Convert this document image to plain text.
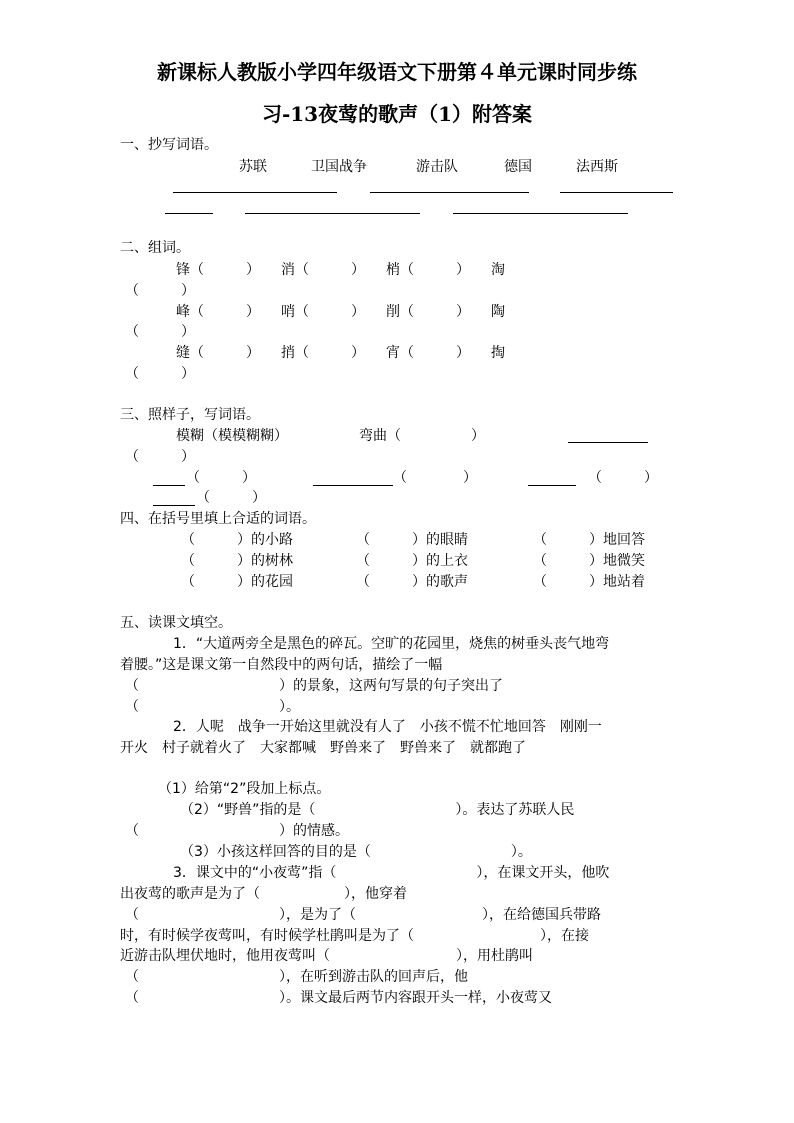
新课标人教版小学四年级语文下册第４单元课时同步练
习-13夜莺的歌声（1）附答案
一、抄写词语。
苏联	卫国战争	游击队	德国	法西斯
二、组词。
锋（　　　）　　消（　　　）　　梢（　　　）　　淘
（　　　）
峰（　　　）　　哨（　　　）　　削（　　　）　　陶
（　　　）
缝（　　　）　　捎（　　　）　　宵（　　　）　　掏
（　　　）
三、照样子，写词语。
模糊（模模糊糊）	弯曲（　　　　　）
（　　　）
（　　　）	（　　　　）	（　　　）
（　　　）
四、在括号里填上合适的词语。
（　　　）的小路	（　　　）的眼睛	（　　　）地回答
（　　　）的树林	（　　　）的上衣	（　　　）地微笑
（　　　）的花园	（　　　）的歌声	（　　　）地站着
五、读课文填空。
1．“大道两旁全是黑色的碎瓦。空旷的花园里，烧焦的树垂头丧气地弯
着腰。”这是课文第一自然段中的两句话，描绘了一幅
（　　　　　　　　　　）的景象，这两句写景的句子突出了
（　　　　　　　　　　）。
2．人呢　战争一开始这里就没有人了　小孩不慌不忙地回答　刚刚一
开火　村子就着火了　大家都喊　野兽来了　野兽来了　就都跑了
（1）给第“2”段加上标点。
（2）“野兽”指的是（　　　　　　　　　　）。表达了苏联人民
（　　　　　　　　　　）的情感。
（3）小孩这样回答的目的是（　　　　　　　　　　）。
3．课文中的“小夜莺”指（　　　　　　　　　　），在课文开头，他吹
出夜莺的歌声是为了（　　　　　　），他穿着
（　　　　　　　　　　），是为了（　　　　　　　　　），在给德国兵带路
时，有时候学夜莺叫，有时候学杜鹃叫是为了（　　　　　　　　　），在接
近游击队埋伏地时，他用夜莺叫（　　　　　　　　　），用杜鹃叫
（　　　　　　　　　　），在听到游击队的回声后，他
（　　　　　　　　　　）。课文最后两节内容跟开头一样，小夜莺又
